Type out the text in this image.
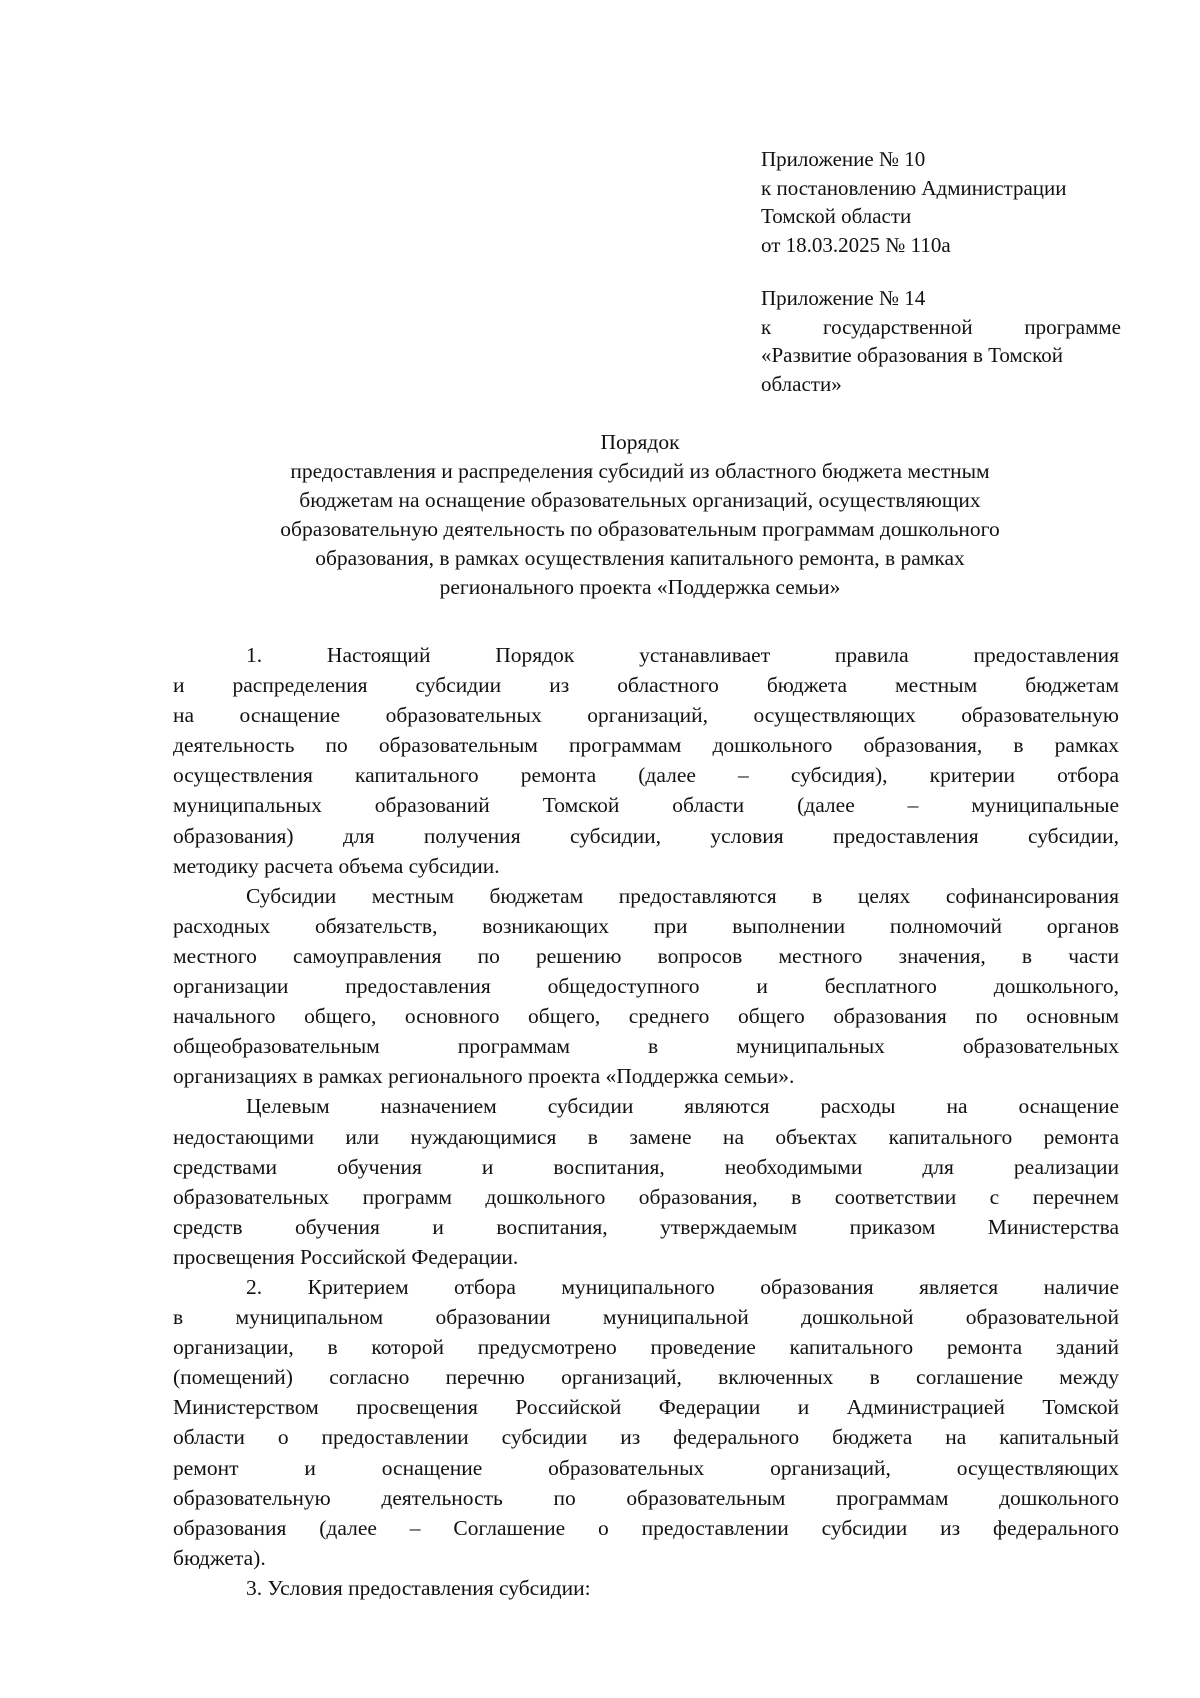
Приложение № 10
к постановлению Администрации
Томской области
от 18.03.2025 № 110а
Приложение № 14
к государственной программе
«Развитие образования в Томской
области»
Порядок
предоставления и распределения субсидий из областного бюджета местным
бюджетам на оснащение образовательных организаций, осуществляющих
образовательную деятельность по образовательным программам дошкольного
образования, в рамках осуществления капитального ремонта, в рамках
регионального проекта «Поддержка семьи»
1. Настоящий Порядок устанавливает правила предоставления
и распределения субсидии из областного бюджета местным бюджетам
на оснащение образовательных организаций, осуществляющих образовательную
деятельность по образовательным программам дошкольного образования, в рамках
осуществления капитального ремонта (далее – субсидия), критерии отбора
муниципальных образований Томской области (далее – муниципальные
образования) для получения субсидии, условия предоставления субсидии,
методику расчета объема субсидии.
Субсидии местным бюджетам предоставляются в целях софинансирования
расходных обязательств, возникающих при выполнении полномочий органов
местного самоуправления по решению вопросов местного значения, в части
организации предоставления общедоступного и бесплатного дошкольного,
начального общего, основного общего, среднего общего образования по основным
общеобразовательным программам в муниципальных образовательных
организациях в рамках регионального проекта «Поддержка семьи».
Целевым назначением субсидии являются расходы на оснащение
недостающими или нуждающимися в замене на объектах капитального ремонта
средствами обучения и воспитания, необходимыми для реализации
образовательных программ дошкольного образования, в соответствии с перечнем
средств обучения и воспитания, утверждаемым приказом Министерства
просвещения Российской Федерации.
2. Критерием отбора муниципального образования является наличие
в муниципальном образовании муниципальной дошкольной образовательной
организации, в которой предусмотрено проведение капитального ремонта зданий
(помещений) согласно перечню организаций, включенных в соглашение между
Министерством просвещения Российской Федерации и Администрацией Томской
области о предоставлении субсидии из федерального бюджета на капитальный
ремонт и оснащение образовательных организаций, осуществляющих
образовательную деятельность по образовательным программам дошкольного
образования (далее – Соглашение о предоставлении субсидии из федерального
бюджета).
3. Условия предоставления субсидии:
